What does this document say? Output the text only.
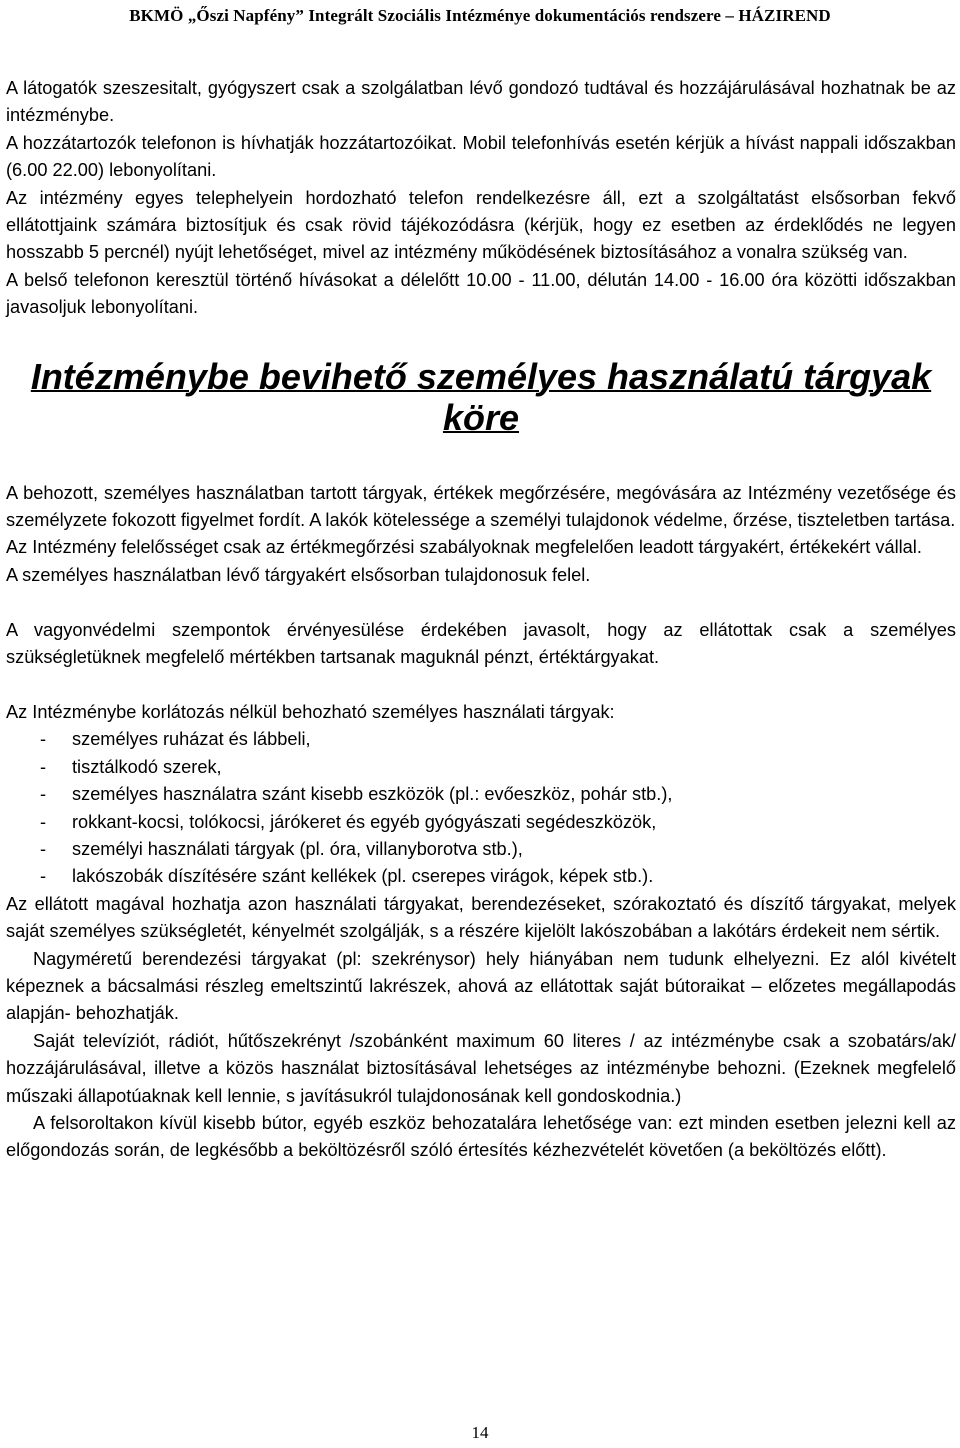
BKMÖ „Őszi Napfény” Integrált Szociális Intézménye dokumentációs rendszere – HÁZIREND

A látogatók szeszesitalt, gyógyszert csak a szolgálatban lévő gondozó tudtával és hozzájárulásával hozhatnak be az intézménybe.

A hozzátartozók telefonon is hívhatják hozzátartozóikat. Mobil telefonhívás esetén kérjük a hívást nappali időszakban (6.00 22.00) lebonyolítani.

Az intézmény egyes telephelyein hordozható telefon rendelkezésre áll, ezt a szolgáltatást elsősorban fekvő ellátottjaink számára biztosítjuk és csak rövid tájékozódásra (kérjük, hogy ez esetben az érdeklődés ne legyen hosszabb 5 percnél) nyújt lehetőséget, mivel az intézmény működésének biztosításához a vonalra szükség van.

A belső telefonon keresztül történő hívásokat a délelőtt 10.00 - 11.00, délután 14.00 - 16.00 óra közötti időszakban javasoljuk lebonyolítani.

Intézménybe bevihető személyes használatú tárgyak köre

A behozott, személyes használatban tartott tárgyak, értékek megőrzésére, megóvására az Intézmény vezetősége és személyzete fokozott figyelmet fordít. A lakók kötelessége a személyi tulajdonok védelme, őrzése, tiszteletben tartása.

Az Intézmény felelősséget csak az értékmegőrzési szabályoknak megfelelően leadott tárgyakért, értékekért vállal.

A személyes használatban lévő tárgyakért elsősorban tulajdonosuk felel.

A vagyonvédelmi szempontok érvényesülése érdekében javasolt, hogy az ellátottak csak a személyes szükségletüknek megfelelő mértékben tartsanak maguknál pénzt, értéktárgyakat.

Az Intézménybe korlátozás nélkül behozható személyes használati tárgyak:

- személyes ruházat és lábbeli,
- tisztálkodó szerek,
- személyes használatra szánt kisebb eszközök (pl.: evőeszköz, pohár stb.),
- rokkant-kocsi, tolókocsi, járókeret és egyéb gyógyászati segédeszközök,
- személyi használati tárgyak (pl. óra, villanyborotva stb.),
- lakószobák díszítésére szánt kellékek (pl. cserepes virágok, képek stb.).

Az ellátott magával hozhatja azon használati tárgyakat, berendezéseket, szórakoztató és díszítő tárgyakat, melyek saját személyes szükségletét, kényelmét szolgálják, s a részére kijelölt lakószobában a lakótárs érdekeit nem sértik.

Nagyméretű berendezési tárgyakat (pl: szekrénysor) hely hiányában nem tudunk elhelyezni. Ez alól kivételt képeznek a bácsalmási részleg emeltszintű lakrészek, ahová az ellátottak saját bútoraikat – előzetes megállapodás alapján- behozhatják.

Saját televíziót, rádiót, hűtőszekrényt /szobánként maximum 60 literes / az intézménybe csak a szobatárs/ak/ hozzájárulásával, illetve a közös használat biztosításával lehetséges az intézménybe behozni. (Ezeknek megfelelő műszaki állapotúaknak kell lennie, s javításukról tulajdonosának kell gondoskodnia.)

A felsoroltakon kívül kisebb bútor, egyéb eszköz behozatalára lehetősége van: ezt minden esetben jelezni kell az előgondozás során, de legkésőbb a beköltözésről szóló értesítés kézhezvételét követően (a beköltözés előtt).

14
